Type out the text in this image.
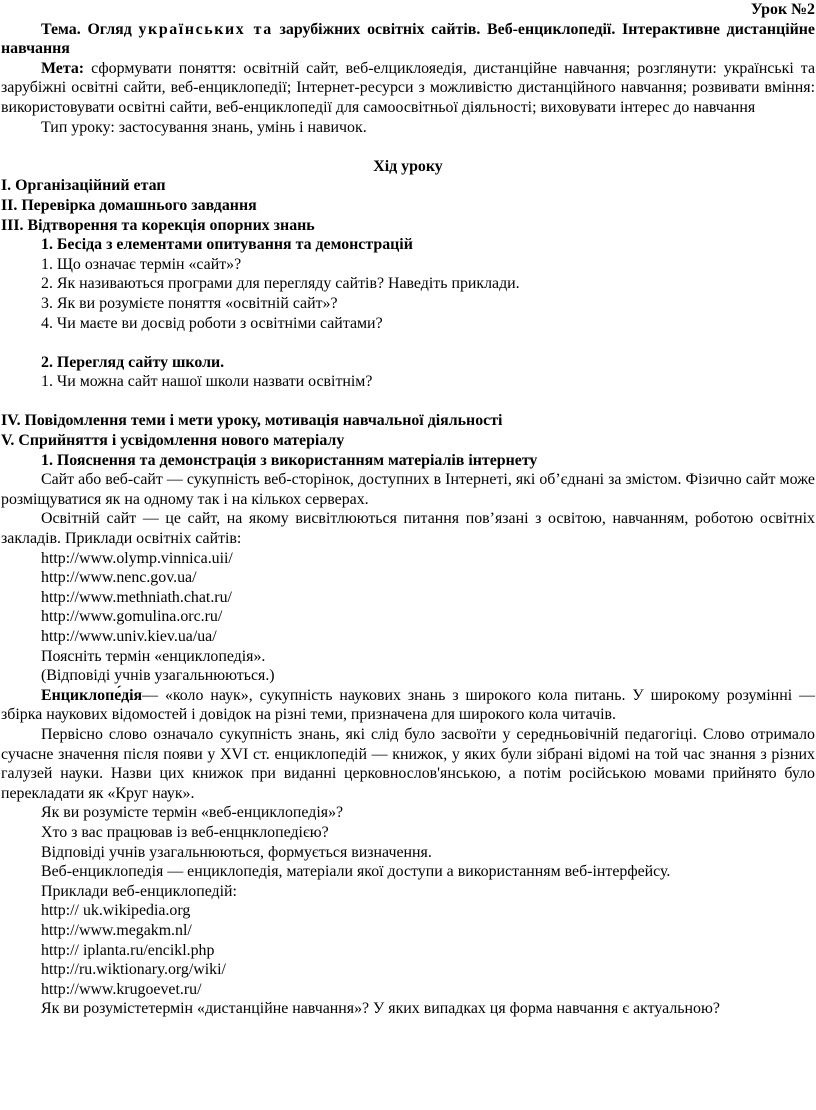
Урок №2

Тема. Огляд українських та зарубіжних освітніх сайтів. Веб-енциклопедії. Інтерактивне дистанційне навчання

Мета: сформувати поняття: освітній сайт, веб-елциклояедія, дистанційне навчання; розглянути: українські та зарубіжні освітні сайти, веб-енциклопедії; Інтернет-ресурси з можливістю дистанційного навчання; розвивати вміння: використовувати освітні сайти, веб-енциклопедії для самоосвітньої діяльності; виховувати інтерес до навчання

Тип уроку: застосування знань, умінь і навичок.

Хід уроку
І. Організаційний етап
ІІ. Перевірка домашнього завдання
ІІІ. Відтворення та корекція опорних знань
1. Бесіда з елементами опитування та демонстрацій
1. Що означає термін «сайт»?
2. Як називаються програми для перегляду сайтів? Наведіть приклади.
3. Як ви розумієте поняття «освітній сайт»?
4. Чи маєте ви досвід роботи з освітніми сайтами?
2. Перегляд сайту школи.
1. Чи можна сайт нашої школи назвати освітнім?
IV. Повідомлення теми і мети уроку, мотивація навчальної діяльності
V. Сприйняття і усвідомлення нового матеріалу
1. Пояснення та демонстрація з використанням матеріалів інтернету

Сайт або веб-сайт — сукупність веб-сторінок, доступних в Інтернеті, які об’єднані за змістом. Фізично сайт може розміщуватися як на одному так і на кількох серверах.

Освітній сайт — це сайт, на якому висвітлюються питання пов’язані з освітою, навчанням, роботою освітніх закладів. Приклади освітніх сайтів:

http://www.olymp.vinnica.uii/
http://www.nenc.gov.ua/
http://www.methniath.chat.ru/
http://www.gomulina.orc.ru/
http://www.univ.kiev.ua/ua/
Поясніть термін «енциклопедія».
(Відповіді учнів узагальнюються.)

Енциклопе́дія— «коло наук», сукупність наукових знань з широкого кола питань. У широкому розумінні — збірка наукових відомостей і довідок на різні теми, призначена для широкого кола читачів.

Первісно слово означало сукупність знань, які слід було засвоїти у середньовічній педагогіці. Слово отримало сучасне значення після появи у XVI ст. енциклопедій — книжок, у яких були зібрані відомі на той час знання з різних галузей науки. Назви цих книжок при виданні церковнослов'янською, а потім російською мовами прийнято було перекладати як «Круг наук».

Як ви розумісте термін «веб-енциклопедія»?
Хто з вас працював із веб-енцнклопедією?
Відповіді учнів узагальнюються, формується визначення.
Веб-енциклопедія — енциклопедія, матеріали якої доступи а використанням веб-інтерфейсу.
Приклади веб-енциклопедій:
http:// uk.wikipedia.org
http://www.megakm.nl/
http:// iplanta.ru/encikl.php
http://ru.wiktionary.org/wiki/
http://www.krugoevet.ru/
Як ви розумістетермін «дистанційне навчання»? У яких випадках ця форма навчання є актуальною?
